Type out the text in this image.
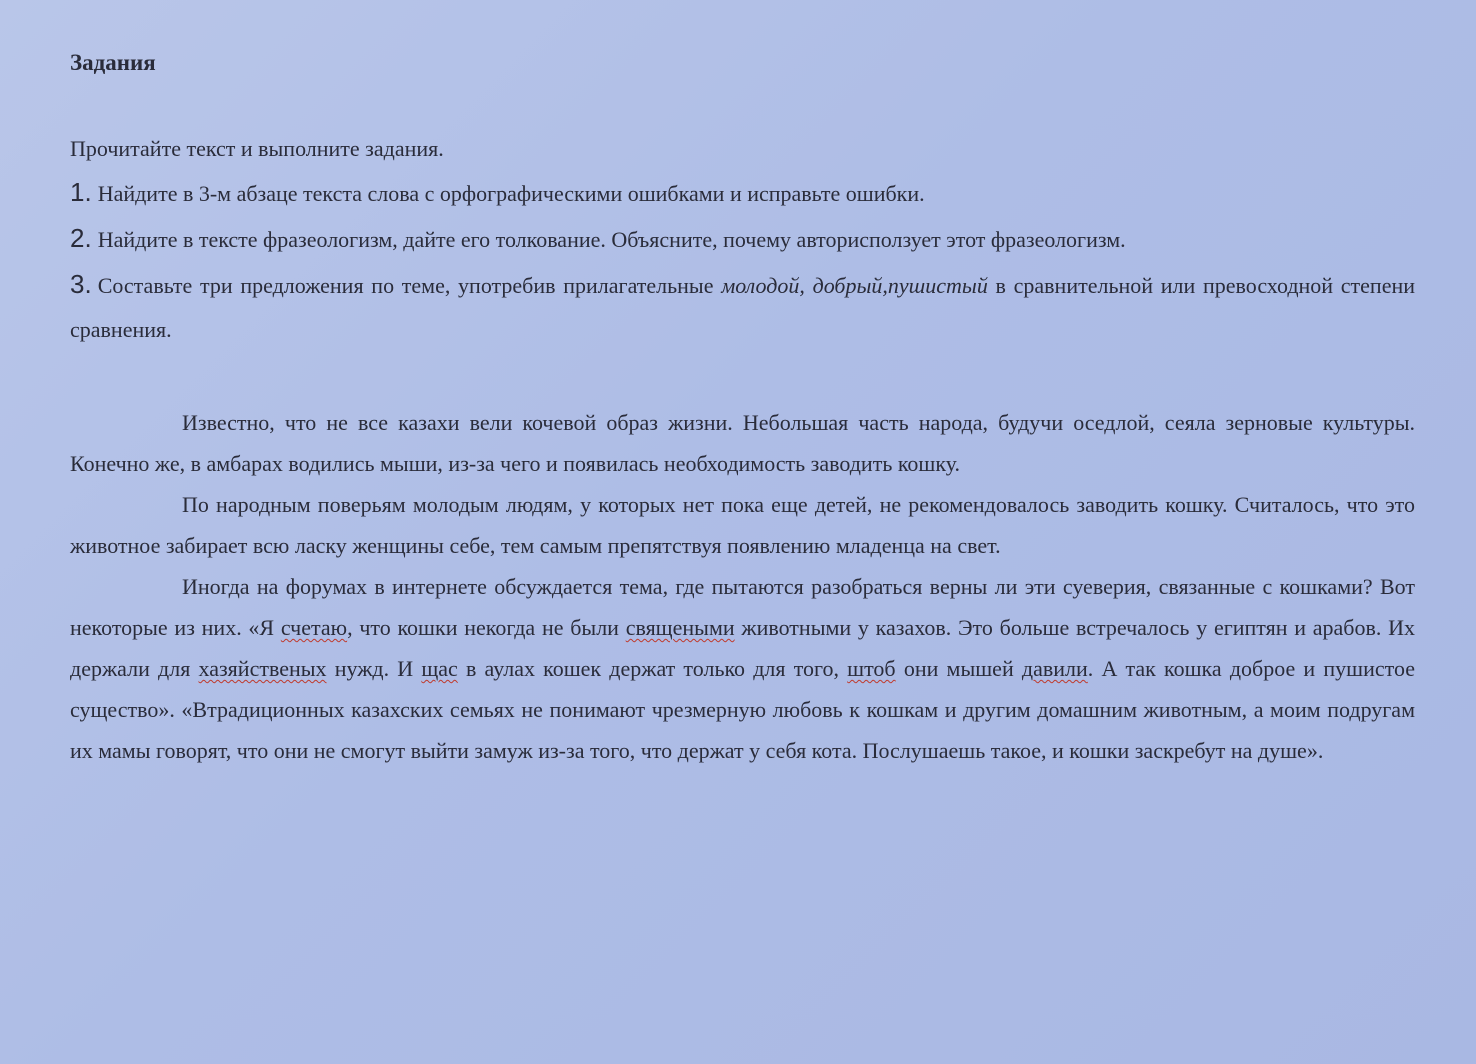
Задания

Прочитайте текст и выполните задания.

1. Найдите в 3-м абзаце текста слова с орфографическими ошибками и исправьте ошибки.

2. Найдите в тексте фразеологизм, дайте его толкование. Объясните, почему авторисползует этот фразеологизм.

3. Составьте три предложения по теме, употребив прилагательные молодой, добрый,пушистый в сравнительной или превосходной степени сравнения.

Известно, что не все казахи вели кочевой образ жизни. Небольшая часть народа, будучи оседлой, сеяла зерновые культуры. Конечно же, в амбарах водились мыши, из-за чего и появилась необходимость заводить кошку.

По народным поверьям молодым людям, у которых нет пока еще детей, не рекомендовалось заводить кошку. Считалось, что это животное забирает всю ласку женщины себе, тем самым препятствуя появлению младенца на свет.

Иногда на форумах в интернете обсуждается тема, где пытаются разобраться верны ли эти суеверия, связанные с кошками? Вот некоторые из них. «Я счетаю, что кошки некогда не были священыми животными у казахов. Это больше встречалось у египтян и арабов. Их держали для хазяйственых нужд. И щас в аулах кошек держат только для того, штоб они мышей давили. А так кошка доброе и пушистое существо». «Втрадиционных казахских семьях не понимают чрезмерную любовь к кошкам и другим домашним животным, а моим подругам их мамы говорят, что они не смогут выйти замуж из-за того, что держат у себя кота. Послушаешь такое, и кошки заскребут на душе».
